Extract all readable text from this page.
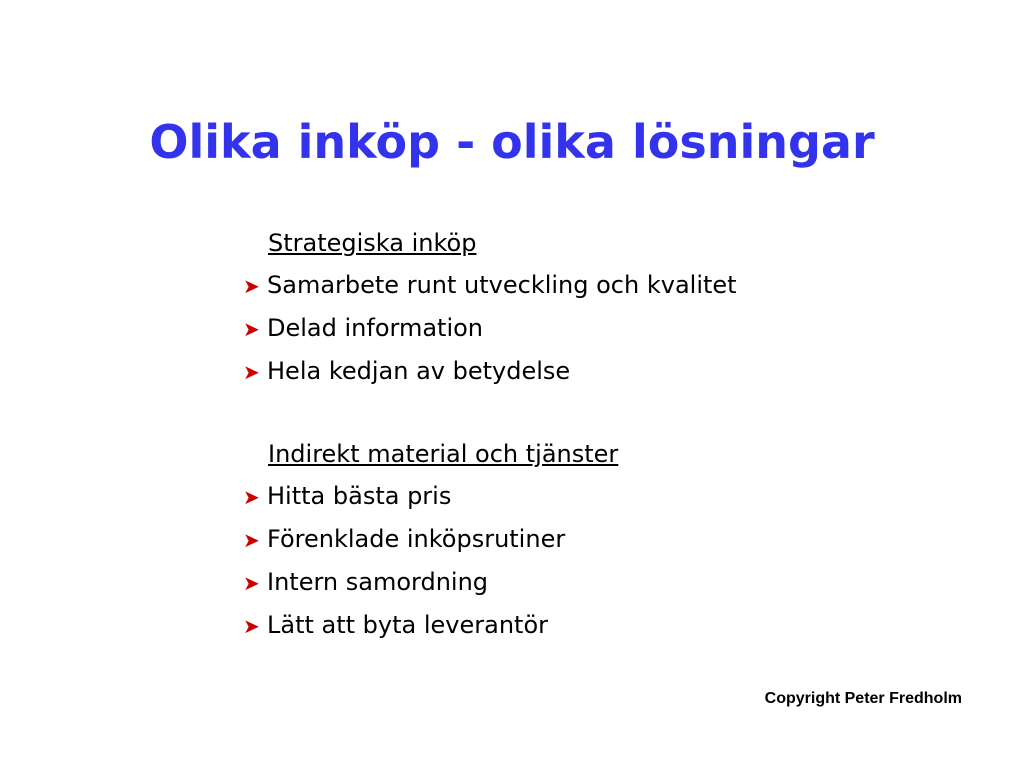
Olika inköp - olika lösningar
Strategiska inköp
➤ Samarbete runt utveckling och kvalitet
➤ Delad information
➤ Hela kedjan av betydelse
Indirekt material och tjänster
➤ Hitta bästa pris
➤ Förenklade inköpsrutiner
➤ Intern samordning
➤ Lätt att byta leverantör
Copyright Peter Fredholm
